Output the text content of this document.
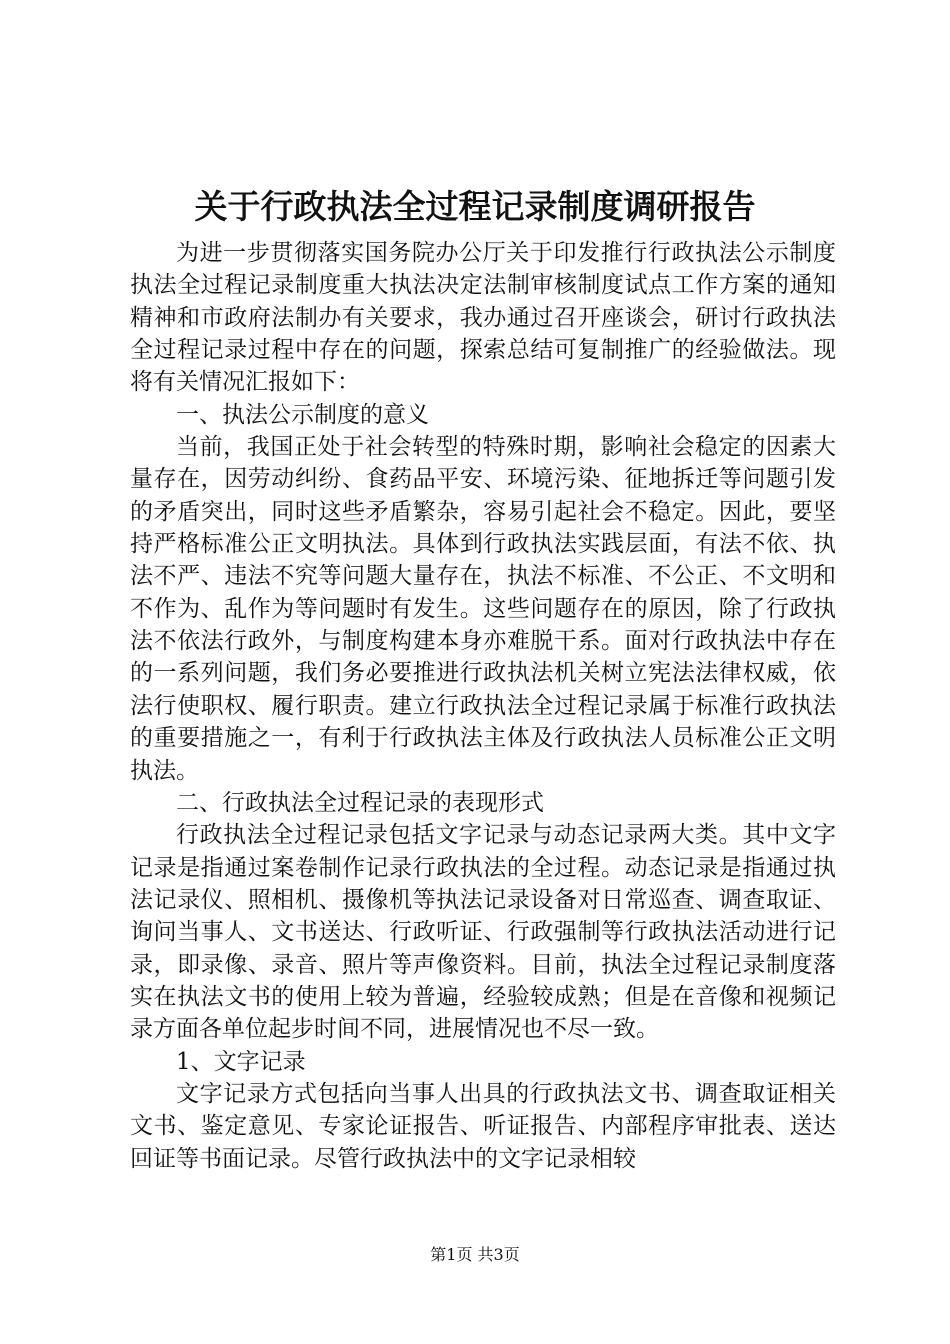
关于行政执法全过程记录制度调研报告

为进一步贯彻落实国务院办公厅关于印发推行行政执法公示制度执法全过程记录制度重大执法决定法制审核制度试点工作方案的通知精神和市政府法制办有关要求，我办通过召开座谈会，研讨行政执法全过程记录过程中存在的问题，探索总结可复制推广的经验做法。现将有关情况汇报如下：

一、执法公示制度的意义

当前，我国正处于社会转型的特殊时期，影响社会稳定的因素大量存在，因劳动纠纷、食药品平安、环境污染、征地拆迁等问题引发的矛盾突出，同时这些矛盾繁杂，容易引起社会不稳定。因此，要坚持严格标准公正文明执法。具体到行政执法实践层面，有法不依、执法不严、违法不究等问题大量存在，执法不标准、不公正、不文明和不作为、乱作为等问题时有发生。这些问题存在的原因，除了行政执法不依法行政外，与制度构建本身亦难脱干系。面对行政执法中存在的一系列问题，我们务必要推进行政执法机关树立宪法法律权威，依法行使职权、履行职责。建立行政执法全过程记录属于标准行政执法的重要措施之一，有利于行政执法主体及行政执法人员标准公正文明执法。

二、行政执法全过程记录的表现形式

行政执法全过程记录包括文字记录与动态记录两大类。其中文字记录是指通过案卷制作记录行政执法的全过程。动态记录是指通过执法记录仪、照相机、摄像机等执法记录设备对日常巡查、调查取证、询问当事人、文书送达、行政听证、行政强制等行政执法活动进行记录，即录像、录音、照片等声像资料。目前，执法全过程记录制度落实在执法文书的使用上较为普遍，经验较成熟；但是在音像和视频记录方面各单位起步时间不同，进展情况也不尽一致。

1、文字记录

文字记录方式包括向当事人出具的行政执法文书、调查取证相关文书、鉴定意见、专家论证报告、听证报告、内部程序审批表、送达回证等书面记录。尽管行政执法中的文字记录相较

第1页 共3页
